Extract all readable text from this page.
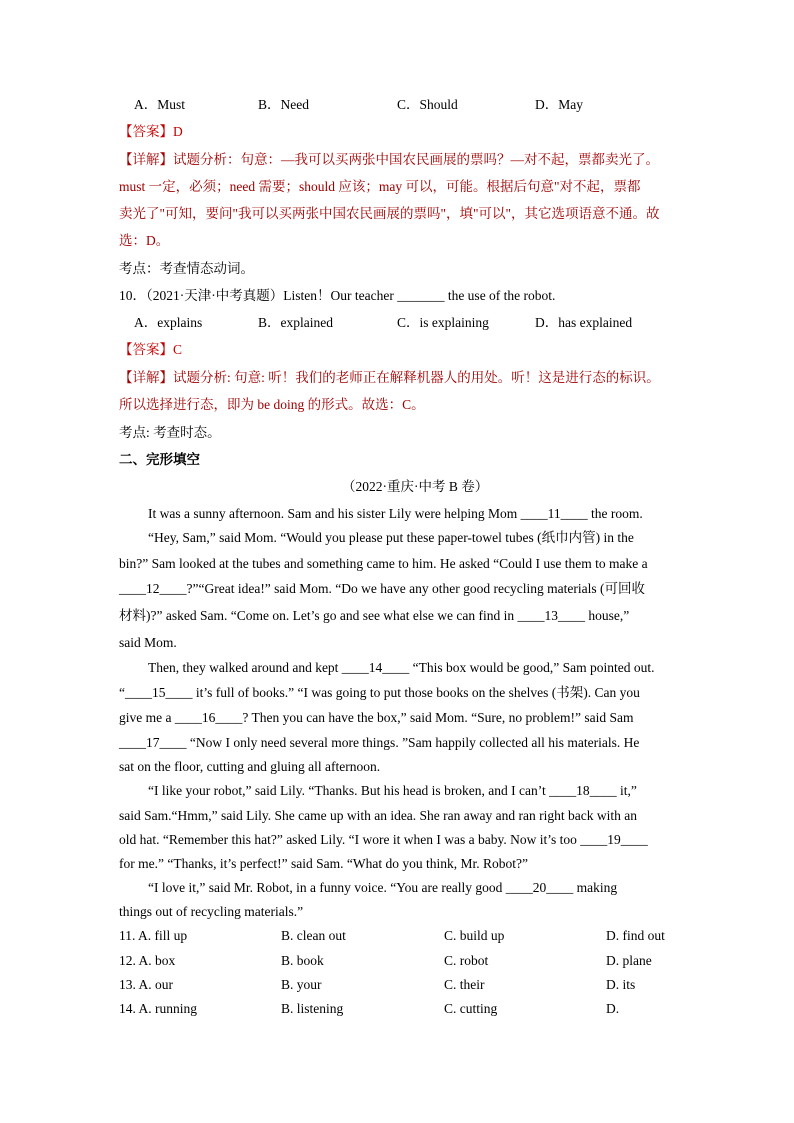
A．Must	B．Need	C．Should	D．May
【答案】D
【详解】试题分析：句意：—我可以买两张中国农民画展的票吗？—对不起，票都卖光了。
must 一定，必须；need 需要；should 应该；may 可以，可能。根据后句意"对不起，票都
卖光了"可知，要问"我可以买两张中国农民画展的票吗"，填"可以"，其它选项语意不通。故
选：D。
考点：考查情态动词。
10．（2021·天津·中考真题）Listen！Our teacher _______ the use of the robot.
A．explains	B．explained	C．is explaining	D．has explained
【答案】C
【详解】试题分析: 句意: 听！我们的老师正在解释机器人的用处。听！这是进行态的标识。
所以选择进行态，即为 be doing 的形式。故选：C。
考点: 考查时态。
二、完形填空
（2022·重庆·中考 B 卷）
It was a sunny afternoon. Sam and his sister Lily were helping Mom ____11____ the room.
“Hey, Sam,” said Mom. “Would you please put these paper-towel tubes (纸巾内管) in the
bin?” Sam looked at the tubes and something came to him. He asked “Could I use them to make a
____12____?”“Great idea!” said Mom. “Do we have any other good recycling materials (可回收
材料)?” asked Sam. “Come on. Let’s go and see what else we can find in ____13____ house,”
said Mom.
Then, they walked around and kept ____14____ “This box would be good,” Sam pointed out.
“____15____ it’s full of books.” “I was going to put those books on the shelves (书架). Can you
give me a ____16____? Then you can have the box,” said Mom. “Sure, no problem!” said Sam
____17____ “Now I only need several more things. ”Sam happily collected all his materials. He
sat on the floor, cutting and gluing all afternoon.
“I like your robot,” said Lily. “Thanks. But his head is broken, and I can’t ____18____ it,”
said Sam.“Hmm,” said Lily. She came up with an idea. She ran away and ran right back with an
old hat. “Remember this hat?” asked Lily. “I wore it when I was a baby. Now it’s too ____19____
for me.” “Thanks, it’s perfect!” said Sam. “What do you think, Mr. Robot?”
“I love it,” said Mr. Robot, in a funny voice. “You are really good ____20____ making
things out of recycling materials.”
11. A. fill up	B. clean out	C. build up	D. find out
12. A. box	B. book	C. robot	D. plane
13. A. our	B. your	C. their	D. its
14. A. running	B. listening	C. cutting	D.
